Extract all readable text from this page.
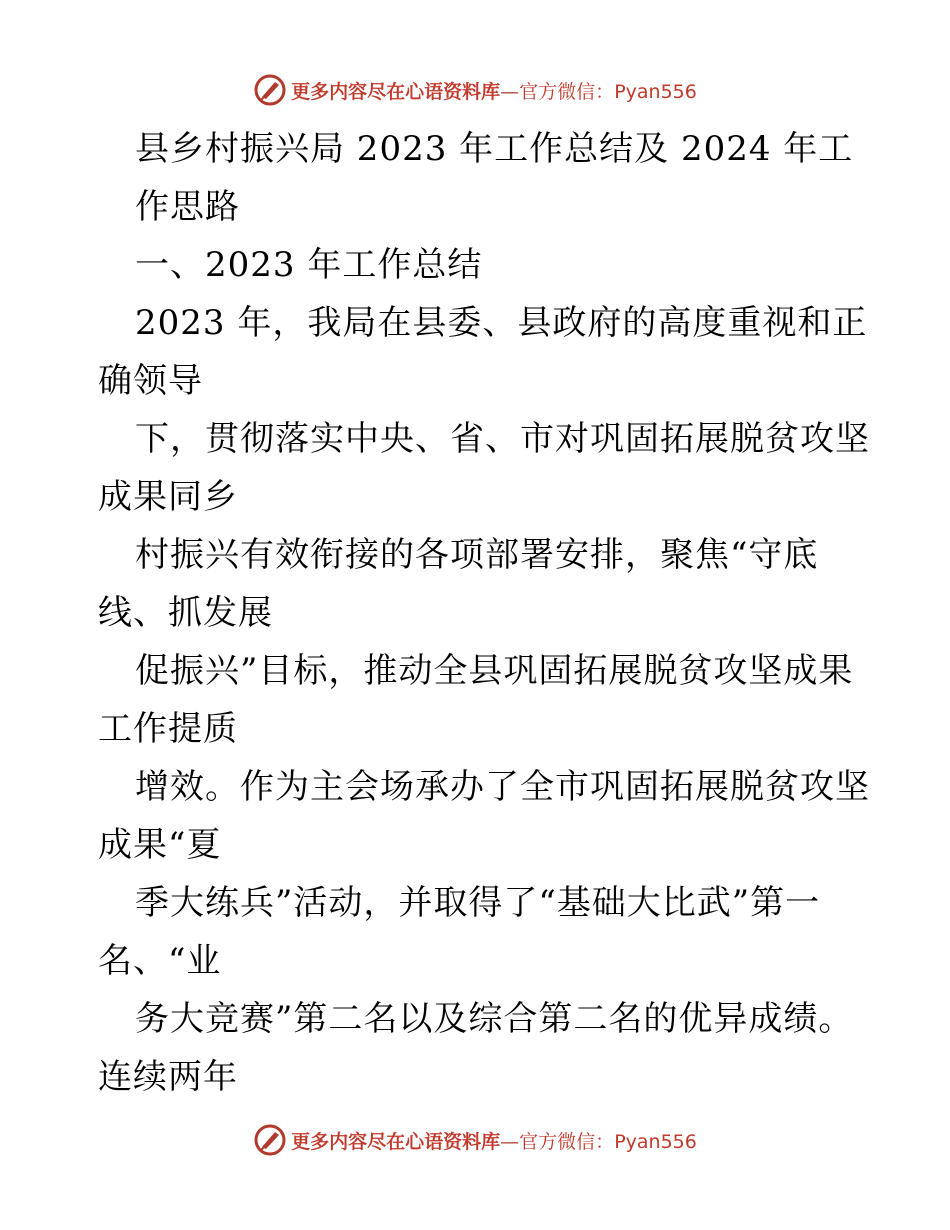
更多内容尽在心语资料库—官方微信：Pyan556
县乡村振兴局 2023 年工作总结及 2024 年工
作思路
一、2023 年工作总结
2023 年，我局在县委、县政府的高度重视和正
确领导
下，贯彻落实中央、省、市对巩固拓展脱贫攻坚
成果同乡
村振兴有效衔接的各项部署安排，聚焦“守底
线、抓发展
促振兴”目标，推动全县巩固拓展脱贫攻坚成果
工作提质
增效。作为主会场承办了全市巩固拓展脱贫攻坚
成果“夏
季大练兵”活动，并取得了“基础大比武”第一
名、“业
务大竞赛”第二名以及综合第二名的优异成绩。
连续两年
更多内容尽在心语资料库—官方微信：Pyan556
